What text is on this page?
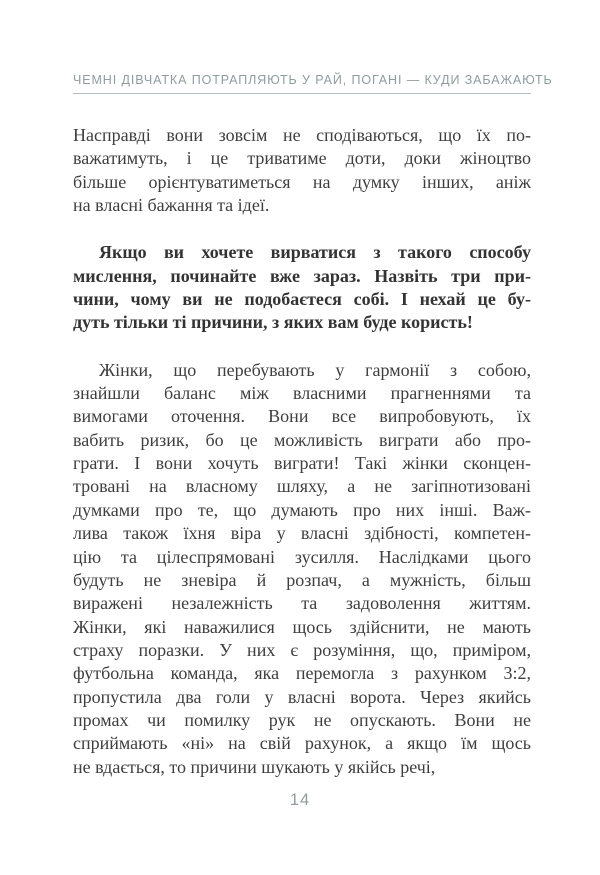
ЧЕМНІ ДІВЧАТКА ПОТРАПЛЯЮТЬ У РАЙ, ПОГАНІ — КУДИ ЗАБАЖАЮТЬ
Насправді вони зовсім не сподіваються, що їх по-
важатимуть, і це триватиме доти, доки жіноцтво
більше орієнтуватиметься на думку інших, аніж
на власні бажання та ідеї.
Якщо ви хочете вирватися з такого способу
мислення, починайте вже зараз. Назвіть три при-
чини, чому ви не подобаєтеся собі. І нехай це бу-
дуть тільки ті причини, з яких вам буде користь!
Жінки, що перебувають у гармонії з собою,
знайшли баланс між власними прагненнями та
вимогами оточення. Вони все випробовують, їх
вабить ризик, бо це можливість виграти або про-
грати. І вони хочуть виграти! Такі жінки сконцен-
тровані на власному шляху, а не загіпнотизовані
думками про те, що думають про них інші. Важ-
лива також їхня віра у власні здібності, компетен-
цію та цілеспрямовані зусилля. Наслідками цього
будуть не зневіра й розпач, а мужність, більш
виражені незалежність та задоволення життям.
Жінки, які наважилися щось здійснити, не мають
страху поразки. У них є розуміння, що, приміром,
футбольна команда, яка перемогла з рахунком 3:2,
пропустила два голи у власні ворота. Через якийсь
промах чи помилку рук не опускають. Вони не
сприймають «ні» на свій рахунок, а якщо їм щось
не вдається, то причини шукають у якійсь речі,
14
